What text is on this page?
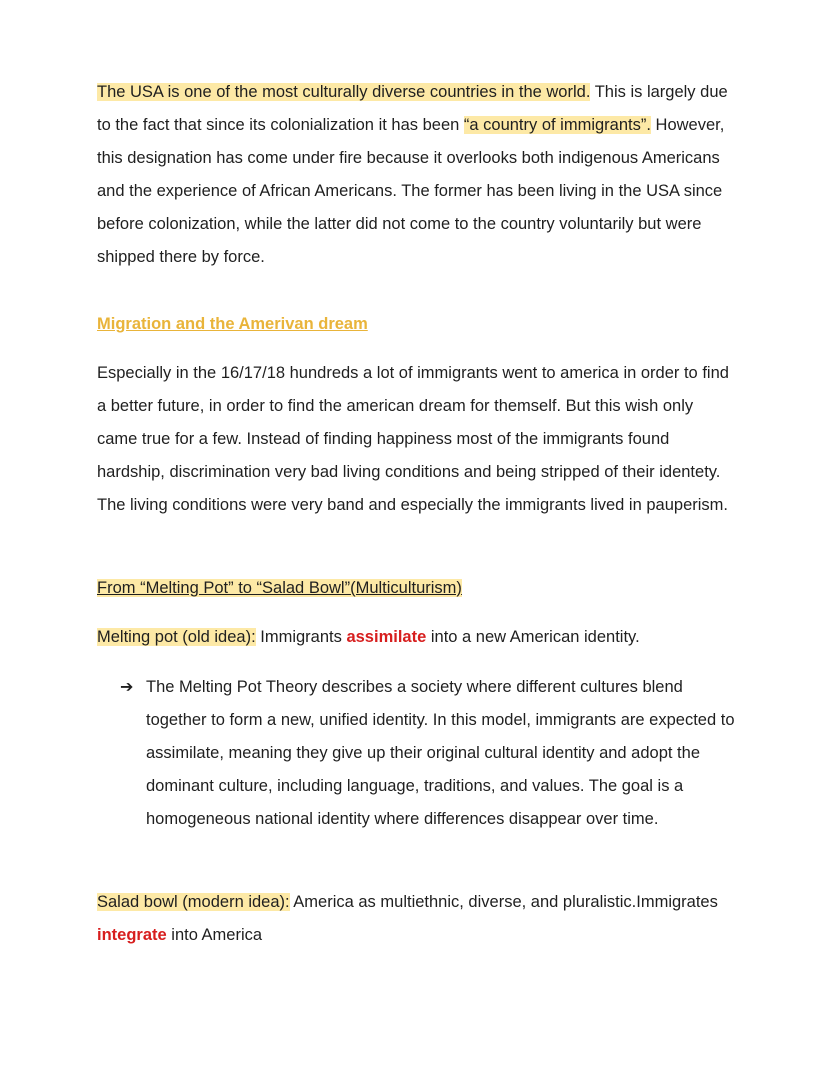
The USA is one of the most culturally diverse countries in the world. This is largely due to the fact that since its colonialization it has been “a country of immigrants”. However, this designation has come under fire because it overlooks both indigenous Americans and the experience of African Americans. The former has been living in the USA since before colonization, while the latter did not come to the country voluntarily but were shipped there by force.

Migration and the Amerivan dream

Especially in the 16/17/18 hundreds a lot of immigrants went to america in order to find a better future, in order to find the american dream for themself. But this wish only came true for a few. Instead of finding happiness most of the immigrants found hardship, discrimination very bad living conditions and being stripped of their identety. The living conditions were very band and especially the immigrants lived in pauperism.

From “Melting Pot” to “Salad Bowl”(Multiculturism)
Melting pot (old idea): Immigrants assimilate into a new American identity.
➔ The Melting Pot Theory describes a society where different cultures blend together to form a new, unified identity. In this model, immigrants are expected to assimilate, meaning they give up their original cultural identity and adopt the dominant culture, including language, traditions, and values. The goal is a homogeneous national identity where differences disappear over time.

Salad bowl (modern idea): America as multiethnic, diverse, and pluralistic.Immigrates integrate into America
